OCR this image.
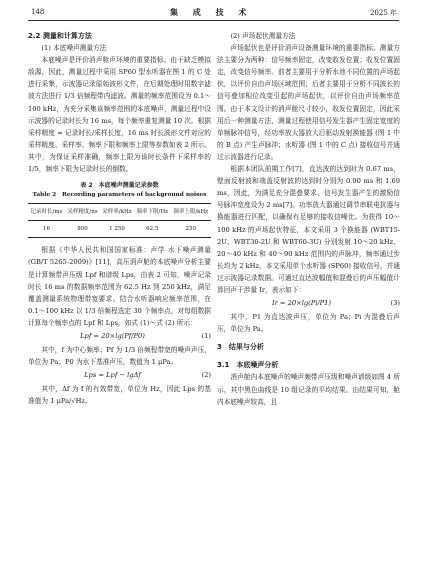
148	集 成 技 术	2025 年

2.2 测量和计算方法

(1) 本底噪声测量方法

本底噪声是评价消声舱声环境的重要指标。由于缺乏模拟敌源，因此，测量过程中采用 SP60 型水听器在图 1 的 C 处进行采集，示波器记录原始波形文件，在后期处理时用数字滤波方法进行 1/3 倍频程带内滤波。测量的频率范围设为 0.1～100 kHz，为充分采集该频率范围的本底噪声，测量过程中设示波器的记录时长为 16 ms，每个频率重复测量 10 次。根据采样精度 = 记录时长/采样长度，16 ms 时长波形文件对应的采样精度、采样率、频率下限和频率上限等参数如表 2 所示。其中，为保证采样准确，频率上限为该时长条件下采样率的 1/5，频率下限为记录时长的倒数。

表 2　本底噪声测量记录参数
Table 2　Recording parameters of background noises
记录时长/ms	采样精度/ns	采样率/kHz	频率下限/Hz	频率上限/kHz
16	800	1 250	62.5	250

根据《中华人民共和国国家标准：声学 水下噪声测量 (GB/T 5265-2009)》[11]，高压消声舱的本底噪声分析主要是计算频带声压级 Lpf 和谱级 Lps，由表 2 可知，噪声记录时长 16 ms 的数据频率范围为 62.5 Hz 到 250 kHz，满足覆盖测量系统物理带宽要求。结合水听器响应频率范围，在 0.1～100 kHz 以 1/3 倍频程选定 30 个频率点，对每组数据计算每个频率点的 Lpf 和 Lps，如式 (1)～式 (2) 所示：

Lpf = 20×lg(Pf/P0)	(1)

其中，f 为中心频率；Pf 为 1/3 倍频程带宽的噪声声压，单位为 Pa；P0 为水下基准声压，数值为 1 μPa。

Lps = Lpf − lgΔf	(2)

其中，Δf 为 f 的有效带宽，单位为 Hz，因此 Lps 的基准值为 1 μPa/√Hz。

(2) 声场起伏测量方法

声场起伏也是评价消声设备测量环境的重要指标。测量方法主要分为两种：信号频率固定，改变收发位置；收发位置固定，改变信号频率。前者主要用于分析水池不同位置的声场起伏，以评价自由声场区域范围；后者主要用于分析不同波长的信号叠加相位改变引起的声场起伏，以评价自由声场频率范围。由于本文设计的消声舱尺寸较小，收发位置固定，因此采用后一种测量方法，测量过程使用信号发生器产生固定宽度的单频脉冲信号，经功率放大器放大后驱动发射换能器 (图 1 中的 B 点) 产生声脉冲；水听器 (图 1 中的 C 点) 接收信号并通过示波器进行记录。

根据本团队前期工作[7]，直达波的达到时为 0.67 ms，壁面反射波和端盖反射波的达到时分别为 0.90 ms 和 1.69 ms，因此，为满足充分混叠要求，信号发生器产生的激励信号脉冲宽度设为 2 ms[7]。功率放大器通过调节串联电抗器与换能器进行匹配，以确保有足够的接收信噪比。为获得 10～100 kHz 的声场起伏特征，本文采用 3 个换能器 (WBT15-2U、WBT30-2U 和 WBT60-3U) 分别发射 10～20 kHz、20～40 kHz 和 40～90 kHz 范围内的声脉冲，频率通过步长均为 2 kHz。本文采用单个水听器 (SP60) 接收信号，并通过示波器记录数据。可通过直达波幅值和混叠后的声压幅值计算回声干涉量 Ir，表示如下：

Ir = 20×lg(Pi/P1)	(3)

其中，P1 为直达波声压，单位为 Pa；Pi 为混叠后声压，单位为 Pa。

3　结果与分析

3.1　本底噪声分析

消声舱内本底噪声的噪声频带声压级和噪声谱级如图 4 所示，其中黑色曲线是 10 组记录的平均结果。由结果可知，舱内本底噪声较高，且
